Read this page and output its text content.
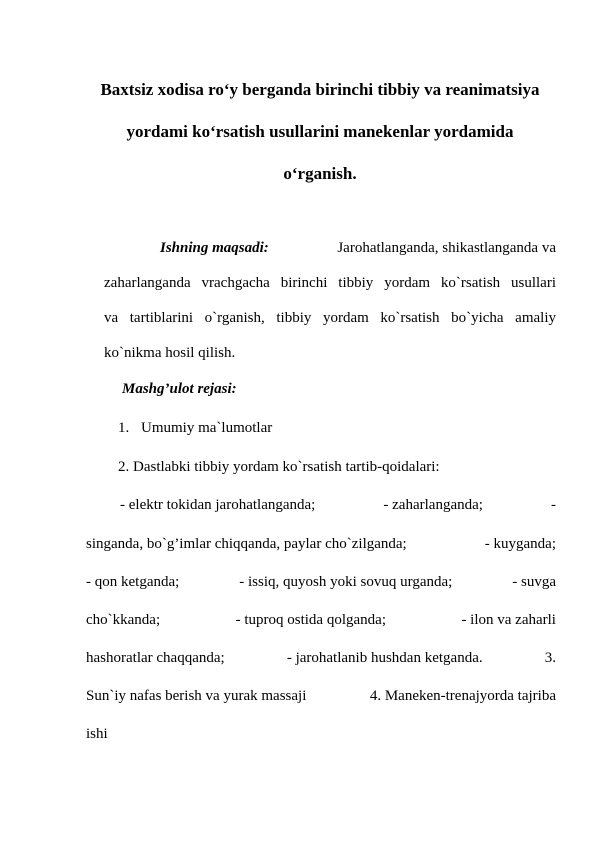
Baxtsiz xodisa ro‘y berganda birinchi tibbiy va reanimatsiya
yordami ko‘rsatish usullarini manekenlar yordamida
o‘rganish.
Ishning maqsadi:	Jarohatlanganda, shikastlanganda va
zaharlanganda vrachgacha birinchi tibbiy yordam ko`rsatish usullari
va tartiblarini o`rganish, tibbiy yordam ko`rsatish bo`yicha amaliy
ko`nikma hosil qilish.
Mashg’ulot rejasi:
1. Umumiy ma`lumotlar
2. Dastlabki tibbiy yordam ko`rsatish tartib-qoidalari:
- elektr tokidan jarohatlanganda;	- zaharlanganda;	-
singanda, bo`g’imlar chiqqanda, paylar cho`zilganda;	- kuyganda;
- qon ketganda;	- issiq, quyosh yoki sovuq urganda;	- suvga
cho`kkanda;	- tuproq ostida qolganda;	- ilon va zaharli
hashoratlar chaqqanda;	- jarohatlanib hushdan ketganda.	3.
Sun`iy nafas berish va yurak massaji	4. Maneken-trenajyorda tajriba
ishi
